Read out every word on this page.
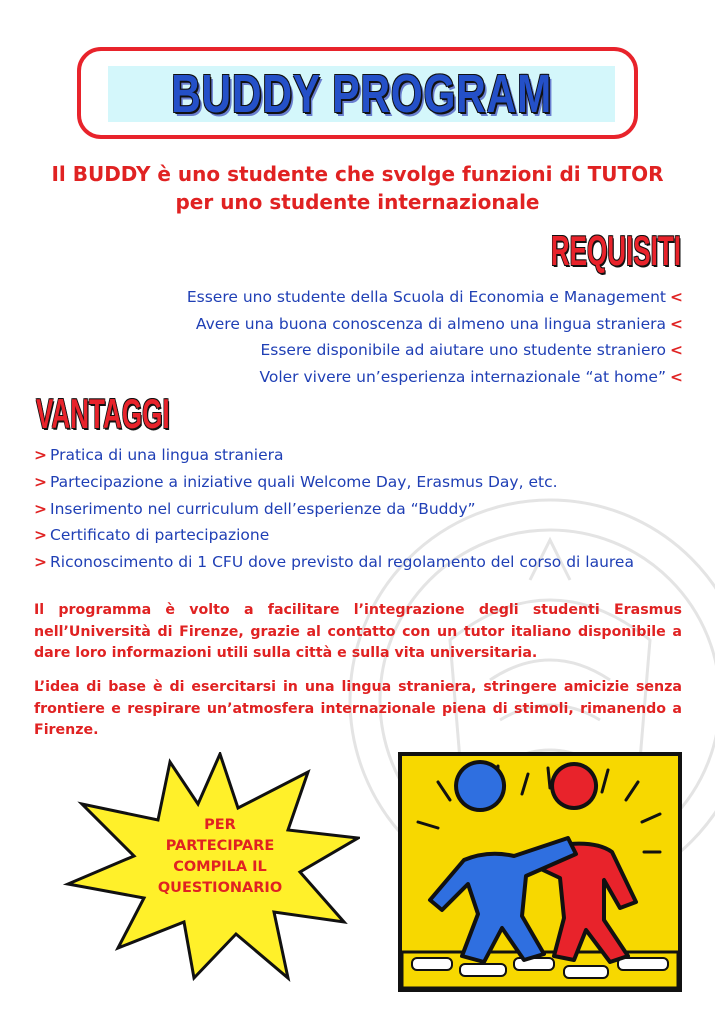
BUDDY PROGRAM
Il BUDDY è uno studente che svolge funzioni di TUTOR
per uno studente internazionale
REQUISITI
Essere uno studente della Scuola di Economia e Management <
Avere una buona conoscenza di almeno una lingua straniera <
Essere disponibile ad aiutare uno studente straniero <
Voler vivere un’esperienza internazionale “at home” <
VANTAGGI
> Pratica di una lingua straniera
> Partecipazione a iniziative quali Welcome Day, Erasmus Day, etc.
> Inserimento nel curriculum dell’esperienze da “Buddy”
> Certificato di partecipazione
> Riconoscimento di 1 CFU dove previsto dal regolamento del corso di laurea

Il programma è volto a facilitare l’integrazione degli studenti Erasmus nell’Università di Firenze, grazie al contatto con un tutor italiano disponibile a dare loro informazioni utili sulla città e sulla vita universitaria.

L’idea di base è di esercitarsi in una lingua straniera, stringere amicizie senza frontiere e respirare un’atmosfera internazionale piena di stimoli, rimanendo a Firenze.

PER
PARTECIPARE
COMPILA IL
QUESTIONARIO
